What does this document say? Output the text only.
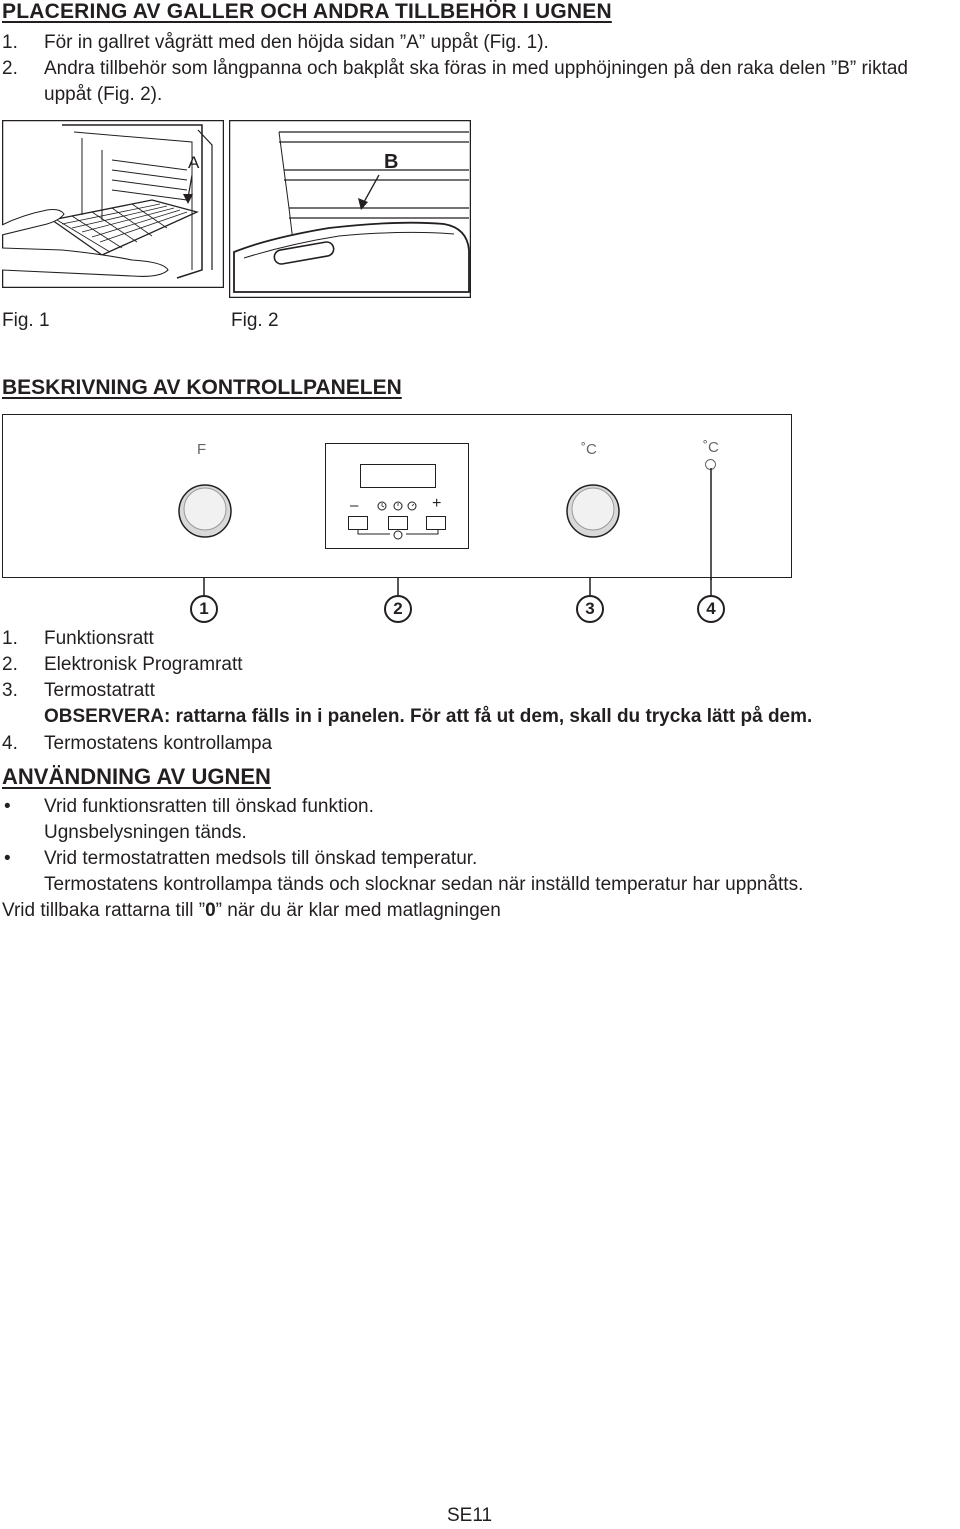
PLACERING AV GALLER OCH ANDRA TILLBEHÖR I UGNEN
1. För in gallret vågrätt med den höjda sidan ”A” uppåt (Fig. 1).
2. Andra tillbehör som långpanna och bakplåt ska föras in med upphöjningen på den raka delen ”B” riktad
uppåt (Fig. 2).
A	B
Fig. 1	Fig. 2
BESKRIVNING AV KONTROLLPANELEN
F	˚C	˚C
–	+
1	2	3	4
1. Funktionsratt
2. Elektronisk Programratt
3. Termostatratt
OBSERVERA: rattarna fälls in i panelen. För att få ut dem, skall du trycka lätt på dem.
4. Termostatens kontrollampa
ANVÄNDNING AV UGNEN
• Vrid funktionsratten till önskad funktion.
Ugnsbelysningen tänds.
• Vrid termostatratten medsols till önskad temperatur.
Termostatens kontrollampa tänds och slocknar sedan när inställd temperatur har uppnåtts.
Vrid tillbaka rattarna till ”0” när du är klar med matlagningen
SE11
